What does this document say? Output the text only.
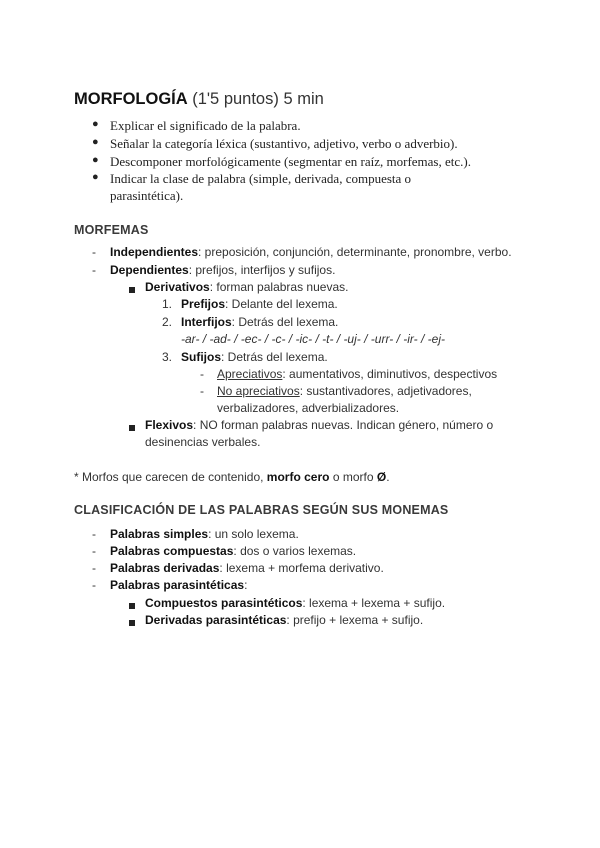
MORFOLOGÍA (1'5 puntos) 5 min
● Explicar el significado de la palabra.
● Señalar la categoría léxica (sustantivo, adjetivo, verbo o adverbio).
● Descomponer morfológicamente (segmentar en raíz, morfemas, etc.).
● Indicar la clase de palabra (simple, derivada, compuesta o
parasintética).
MORFEMAS
- Independientes: preposición, conjunción, determinante, pronombre, verbo.
- Dependientes: prefijos, interfijos y sufijos.
Derivativos: forman palabras nuevas.
1. Prefijos: Delante del lexema.
2. Interfijos: Detrás del lexema.
-ar- / -ad- / -ec- / -c- / -ic- / -t- / -uj- / -urr- / -ir- / -ej-
3. Sufijos: Detrás del lexema.
- Apreciativos: aumentativos, diminutivos, despectivos
- No apreciativos: sustantivadores, adjetivadores,
verbalizadores, adverbializadores.
Flexivos: NO forman palabras nuevas. Indican género, número o
desinencias verbales.
* Morfos que carecen de contenido, morfo cero o morfo Ø.
CLASIFICACIÓN DE LAS PALABRAS SEGÚN SUS MONEMAS
- Palabras simples: un solo lexema.
- Palabras compuestas: dos o varios lexemas.
- Palabras derivadas: lexema + morfema derivativo.
- Palabras parasintéticas:
Compuestos parasintéticos: lexema + lexema + sufijo.
Derivadas parasintéticas: prefijo + lexema + sufijo.
